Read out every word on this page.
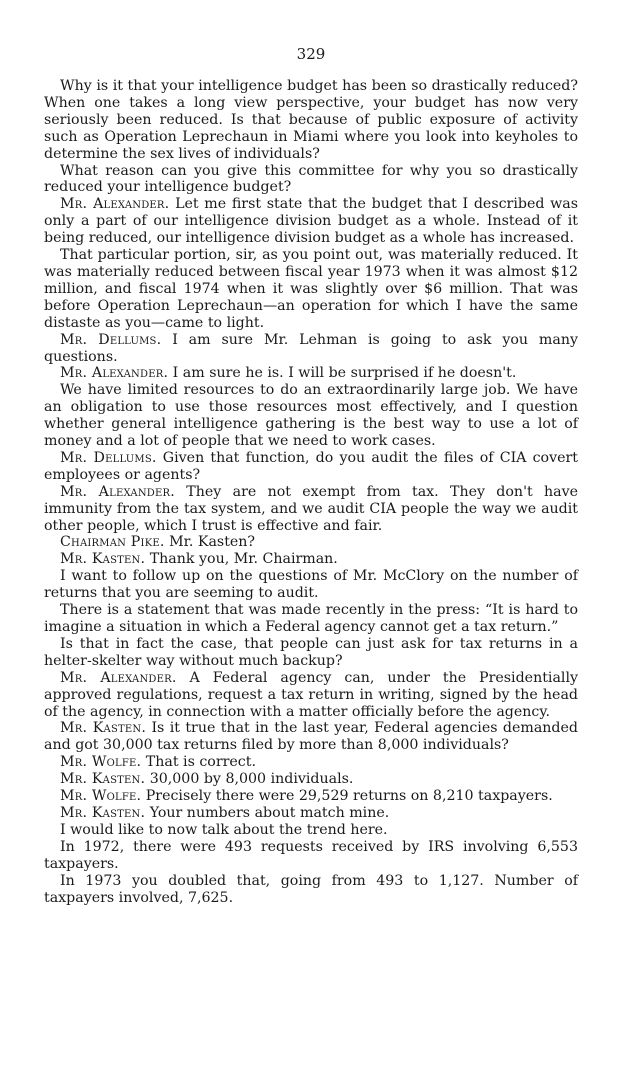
329

Why is it that your intelligence budget has been so drastically reduced? When one takes a long view perspective, your budget has now very seriously been reduced. Is that because of public exposure of activity such as Operation Leprechaun in Miami where you look into keyholes to determine the sex lives of individuals?

What reason can you give this committee for why you so drastically reduced your intelligence budget?

Mr. Alexander. Let me first state that the budget that I described was only a part of our intelligence division budget as a whole. Instead of it being reduced, our intelligence division budget as a whole has increased.

That particular portion, sir, as you point out, was materially reduced. It was materially reduced between fiscal year 1973 when it was almost $12 million, and fiscal 1974 when it was slightly over $6 million. That was before Operation Leprechaun—an operation for which I have the same distaste as you—came to light.

Mr. Dellums. I am sure Mr. Lehman is going to ask you many questions.

Mr. Alexander. I am sure he is. I will be surprised if he doesn't.

We have limited resources to do an extraordinarily large job. We have an obligation to use those resources most effectively, and I question whether general intelligence gathering is the best way to use a lot of money and a lot of people that we need to work cases.

Mr. Dellums. Given that function, do you audit the files of CIA covert employees or agents?

Mr. Alexander. They are not exempt from tax. They don't have immunity from the tax system, and we audit CIA people the way we audit other people, which I trust is effective and fair.

Chairman Pike. Mr. Kasten?

Mr. Kasten. Thank you, Mr. Chairman.

I want to follow up on the questions of Mr. McClory on the number of returns that you are seeming to audit.

There is a statement that was made recently in the press: “It is hard to imagine a situation in which a Federal agency cannot get a tax return.”

Is that in fact the case, that people can just ask for tax returns in a helter-skelter way without much backup?

Mr. Alexander. A Federal agency can, under the Presidentially approved regulations, request a tax return in writing, signed by the head of the agency, in connection with a matter officially before the agency.

Mr. Kasten. Is it true that in the last year, Federal agencies demanded and got 30,000 tax returns filed by more than 8,000 individuals?

Mr. Wolfe. That is correct.

Mr. Kasten. 30,000 by 8,000 individuals.

Mr. Wolfe. Precisely there were 29,529 returns on 8,210 taxpayers.

Mr. Kasten. Your numbers about match mine.

I would like to now talk about the trend here.

In 1972, there were 493 requests received by IRS involving 6,553 taxpayers.

In 1973 you doubled that, going from 493 to 1,127. Number of taxpayers involved, 7,625.
